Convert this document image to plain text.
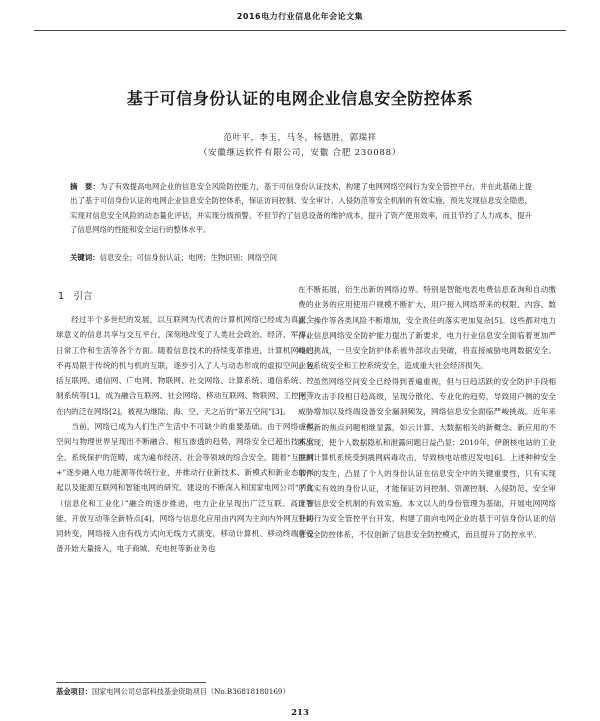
2016电力行业信息化年会论文集
基于可信身份认证的电网企业信息安全防控体系
范叶平，李玉，马冬，杨德胜，郭瑞祥
（安徽继远软件有限公司，安徽 合肥 230088）
摘　要：为了有效提高电网企业的信息安全风险防控能力，基于可信身份认证技术，构建了电网网络空间行为安全管控平台，并在此基础上提出了基于可信身份认证的电网企业信息安全防控体系，保证访问控制、安全审计、入侵防范等安全机制的有效实施，预先发现信息安全隐患，实现对信息安全风险的动态量化评估，并实现分级预警。不但节约了信息设备的维护成本，提升了资产使用效率，而且节约了人力成本，提升了信息网络的性能和安全运行的整体水平。
关键词：信息安全；可信身份认证；电网；生物识别；网络空间
1　引言

经过半个多世纪的发展，以互联网为代表的计算机网络已经成为真正全球意义的信息共享与交互平台，深刻地改变了人类社会政治、经济、军事、日常工作和生活等各个方面。随着信息技术的持续变革推进，计算机网络已不再局限于传统的机与机的互联，逐步引入了人与动态形成的虚拟空间，包括互联网、通信网、广电网、物联网、社交网络、计算系统、通信系统、控制系统等[1]，成为融合互联网、社会网络、移动互联网、物联网、工控网等在内的泛在网络[2]，被视为继陆、海、空、天之后的“第五空间”[3]。

当前，网络已成为人们生产生活中不可缺少的重要基础。由于网络虚拟空间与物理世界呈现出不断融合、相互渗透的趋势，网络安全已超出技术安全、系统保护的范畴，成为遍布经济、社会等领域的综合安全。随着“互联网+”逐步融入电力能源等传统行业，并推动行业新技术、新模式和新业态的兴起以及能源互联网和智能电网的研究、建设的不断深入和国家电网公司“两化（信息化和工业化）”融合的逐步推进，电力企业呈现出广泛互联、高度智能、开放互动等全新特点[4]，网络与信息化应用由内网为主向内外网互补协同转变，网络接入由有线方式向无线方式演变，移动计算机、移动终端等设备开始大量接入，电子商城、充电桩等新业务也

在不断拓展，衍生出新的网络边界。特别是智能电表电费信息查询和自动缴费的业务的应用使用户规模不断扩大，用户接入网络带来的权限、内容、数据、操作等各类风险不断增加，安全责任的落实更加复杂[5]。这些都对电力行业信息网络安全防护能力提出了新要求，电力行业信息安全面临着更加严峻的挑战，一旦安全防护体系被外部攻击突破，将直接威胁电网数据安全、业务系统安全和工控系统安全，造成重大社会经济损失。

虽然网络空间安全已经得到普遍重视，但与日趋活跃的安全防护手段相比，攻击手段相日趋高级，呈现分散化、专业化的趋势，导致用户侧的安全威胁增加以及终端设备安全漏洞频发，网络信息安全面临严峻挑战。近年来一些新的焦点问题相继显露，如云计算、大数据相关的新概念、新应用的不断出现，使个人数据隐私和泄露问题日益凸显；2010年，伊朗核电站的工业控制计算机系统受到震网病毒攻击，导致核电站推迟发电[6]。上述种种安全事件的发生，凸显了个人的身份认证在信息安全中的关键重要性，只有实现了真实有效的身份认证，才能保证访问控制、资源控制、入侵防范、安全审计等信息安全机制的有效实施。本文以人的身份管理为基础，开展电网网络空间行为安全管控平台开发，构建了面向电网企业的基于可信身份认证的信息安全防控体系，不仅创新了信息安全防控模式，而且提升了防控水平。

基金项目：国家电网公司总部科技基金资助项目（No.B36818180169）
213
